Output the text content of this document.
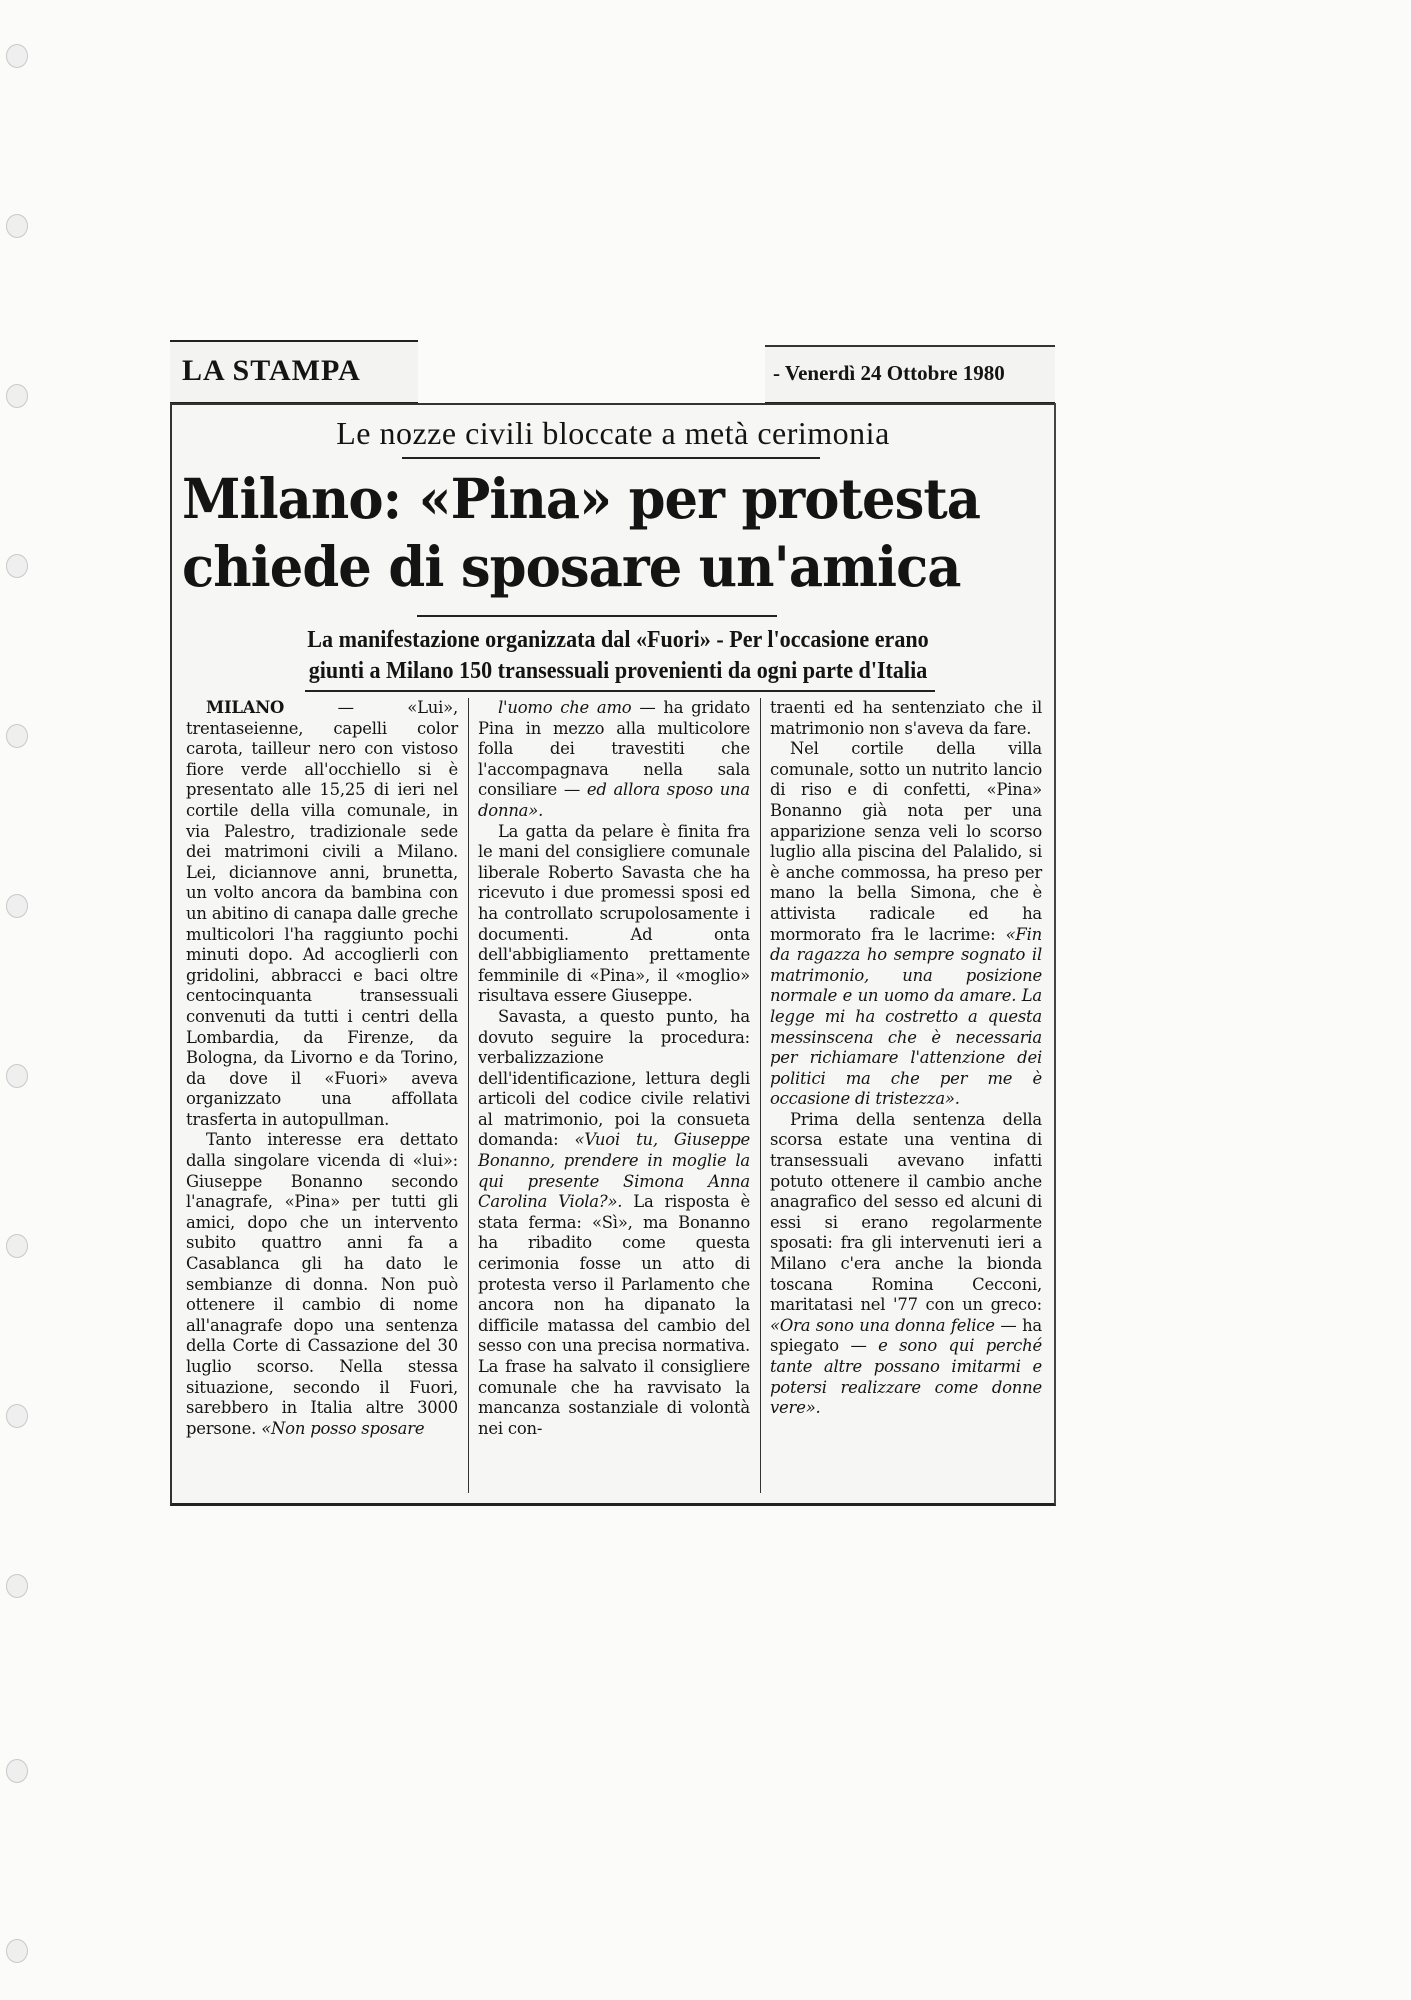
LA STAMPA	- Venerdì 24 Ottobre 1980
Le nozze civili bloccate a metà cerimonia
Milano: «Pina» per protesta
chiede di sposare un'amica
La manifestazione organizzata dal «Fuori» - Per l'occasione erano
giunti a Milano 150 transessuali provenienti da ogni parte d'Italia

MILANO — «Lui», trentaseienne, capelli color carota, tailleur nero con vistoso fiore verde all'occhiello si è presentato alle 15,25 di ieri nel cortile della villa comunale, in via Palestro, tradizionale sede dei matrimoni civili a Milano. Lei, diciannove anni, brunetta, un volto ancora da bambina con un abitino di canapa dalle greche multicolori l'ha raggiunto pochi minuti dopo. Ad accoglierli con gridolini, abbracci e baci oltre centocinquanta transessuali convenuti da tutti i centri della Lombardia, da Firenze, da Bologna, da Livorno e da Torino, da dove il «Fuori» aveva organizzato una affollata trasferta in autopullman.

Tanto interesse era dettato dalla singolare vicenda di «lui»: Giuseppe Bonanno secondo l'anagrafe, «Pina» per tutti gli amici, dopo che un intervento subito quattro anni fa a Casablanca gli ha dato le sembianze di donna. Non può ottenere il cambio di nome all'anagrafe dopo una sentenza della Corte di Cassazione del 30 luglio scorso. Nella stessa situazione, secondo il Fuori, sarebbero in Italia altre 3000 persone. «Non posso sposare

l'uomo che amo — ha gridato Pina in mezzo alla multicolore folla dei travestiti che l'accompagnava nella sala consiliare — ed allora sposo una donna».

La gatta da pelare è finita fra le mani del consigliere comunale liberale Roberto Savasta che ha ricevuto i due promessi sposi ed ha controllato scrupolosamente i documenti. Ad onta dell'abbigliamento prettamente femminile di «Pina», il «moglio» risultava essere Giuseppe.

Savasta, a questo punto, ha dovuto seguire la procedura: verbalizzazione dell'identificazione, lettura degli articoli del codice civile relativi al matrimonio, poi la consueta domanda: «Vuoi tu, Giuseppe Bonanno, prendere in moglie la qui presente Simona Anna Carolina Viola?». La risposta è stata ferma: «Sì», ma Bonanno ha ribadito come questa cerimonia fosse un atto di protesta verso il Parlamento che ancora non ha dipanato la difficile matassa del cambio del sesso con una precisa normativa. La frase ha salvato il consigliere comunale che ha ravvisato la mancanza sostanziale di volontà nei con-

traenti ed ha sentenziato che il matrimonio non s'aveva da fare.

Nel cortile della villa comunale, sotto un nutrito lancio di riso e di confetti, «Pina» Bonanno già nota per una apparizione senza veli lo scorso luglio alla piscina del Palalido, si è anche commossa, ha preso per mano la bella Simona, che è attivista radicale ed ha mormorato fra le lacrime: «Fin da ragazza ho sempre sognato il matrimonio, una posizione normale e un uomo da amare. La legge mi ha costretto a questa messinscena che è necessaria per richiamare l'attenzione dei politici ma che per me è occasione di tristezza».

Prima della sentenza della scorsa estate una ventina di transessuali avevano infatti potuto ottenere il cambio anche anagrafico del sesso ed alcuni di essi si erano regolarmente sposati: fra gli intervenuti ieri a Milano c'era anche la bionda toscana Romina Cecconi, maritatasi nel '77 con un greco: «Ora sono una donna felice — ha spiegato — e sono qui perché tante altre possano imitarmi e potersi realizzare come donne vere».
